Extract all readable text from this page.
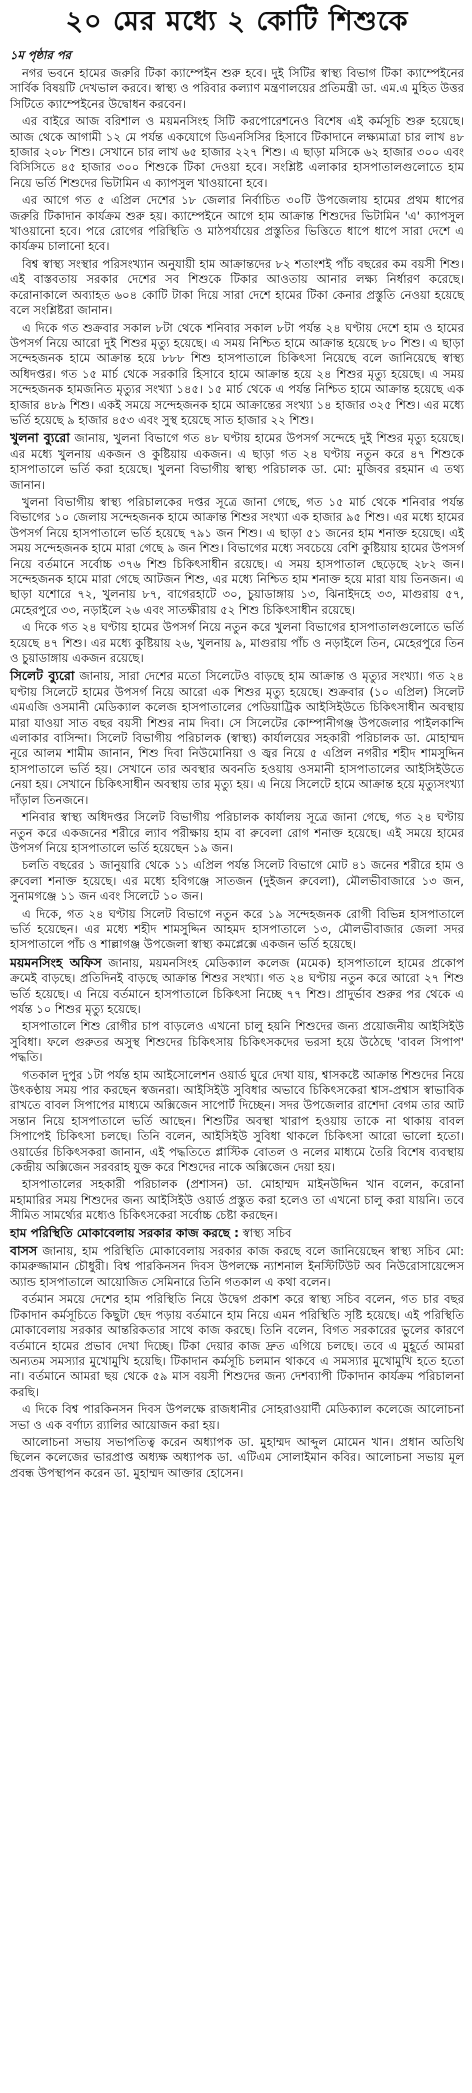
২০ মের মধ্যে ২ কোটি শিশুকে
১ম পৃষ্ঠার পর

নগর ভবনে হামের জরুরি টিকা ক্যাম্পেইন শুরু হবে। দুই সিটির স্বাস্থ্য বিভাগ টিকা ক্যাম্পেইনের সার্বিক বিষয়টি দেখভাল করবে। স্বাস্থ্য ও পরিবার কল্যাণ মন্ত্রণালয়ের প্রতিমন্ত্রী ডা. এম.এ মুহিত উত্তর সিটিতে ক্যাম্পেইনের উদ্বোধন করবেন।

এর বাইরে আজ বরিশাল ও ময়মনসিংহ সিটি করপোরেশনেও বিশেষ এই কর্মসূচি শুরু হয়েছে। আজ থেকে আগামী ১২ মে পর্যন্ত একযোগে ডিএনসিসির হিসাবে টিকাদানে লক্ষ্যমাত্রা চার লাখ ৪৮ হাজার ২০৮ শিশু। সেখানে চার লাখ ৬৫ হাজার ২২৭ শিশু। এ ছাড়া মসিকে ৬২ হাজার ৩০০ এবং বিসিসিতে ৪৫ হাজার ৩০০ শিশুকে টিকা দেওয়া হবে। সংশ্লিষ্ট এলাকার হাসপাতালগুলোতে হাম নিয়ে ভর্তি শিশুদের ভিটামিন এ ক্যাপসুল খাওয়ানো হবে।

এর আগে গত ৫ এপ্রিল দেশের ১৮ জেলার নির্বাচিত ৩০টি উপজেলায় হামের প্রথম ধাপের জরুরি টিকাদান কার্যক্রম শুরু হয়। ক্যাম্পেইনে আগে হাম আক্রান্ত শিশুদের ভিটামিন 'এ' ক্যাপসুল খাওয়ানো হবে। পরে রোগের পরিস্থিতি ও মাঠপর্যায়ের প্রস্তুতির ভিত্তিতে ধাপে ধাপে সারা দেশে এ কার্যক্রম চালানো হবে।

বিশ্ব স্বাস্থ্য সংস্থার পরিসংখ্যান অনুযায়ী হাম আক্রান্তদের ৮২ শতাংশই পাঁচ বছরের কম বয়সী শিশু। এই বাস্তবতায় সরকার দেশের সব শিশুকে টিকার আওতায় আনার লক্ষ্য নির্ধারণ করেছে। করোনাকালে অব্যাহত ৬০৪ কোটি টাকা দিয়ে সারা দেশে হামের টিকা কেনার প্রস্তুতি নেওয়া হয়েছে বলে সংশ্লিষ্টরা জানান।

এ দিকে গত শুক্রবার সকাল ৮টা থেকে শনিবার সকাল ৮টা পর্যন্ত ২৪ ঘণ্টায় দেশে হাম ও হামের উপসর্গ নিয়ে আরো দুই শিশুর মৃত্যু হয়েছে। এ সময় নিশ্চিত হামে আক্রান্ত হয়েছে ৮০ শিশু। এ ছাড়া সন্দেহজনক হামে আক্রান্ত হয়ে ৮৮৮ শিশু হাসপাতালে চিকিৎসা নিয়েছে বলে জানিয়েছে স্বাস্থ্য অধিদপ্তর। গত ১৫ মার্চ থেকে সরকারি হিসাবে হামে আক্রান্ত হয়ে ২৪ শিশুর মৃত্যু হয়েছে। এ সময় সন্দেহজনক হামজনিত মৃত্যুর সংখ্যা ১৪৫। ১৫ মার্চ থেকে এ পর্যন্ত নিশ্চিত হামে আক্রান্ত হয়েছে এক হাজার ৪৮৯ শিশু। একই সময়ে সন্দেহজনক হামে আক্রান্তের সংখ্যা ১৪ হাজার ৩২৫ শিশু। এর মধ্যে ভর্তি হয়েছে ৯ হাজার ৪৫৩ এবং সুস্থ হয়েছে সাত হাজার ২২ শিশু।

খুলনা ব্যুরো জানায়, খুলনা বিভাগে গত ৪৮ ঘণ্টায় হামের উপসর্গ সন্দেহে দুই শিশুর মৃত্যু হয়েছে। এর মধ্যে খুলনায় একজন ও কুষ্টিয়ায় একজন। এ ছাড়া গত ২৪ ঘণ্টায় নতুন করে ৪৭ শিশুকে হাসপাতালে ভর্তি করা হয়েছে। খুলনা বিভাগীয় স্বাস্থ্য পরিচালক ডা. মো: মুজিবর রহমান এ তথ্য জানান।

খুলনা বিভাগীয় স্বাস্থ্য পরিচালকের দপ্তর সূত্রে জানা গেছে, গত ১৫ মার্চ থেকে শনিবার পর্যন্ত বিভাগের ১০ জেলায় সন্দেহজনক হামে আক্রান্ত শিশুর সংখ্যা এক হাজার ৯৫ শিশু। এর মধ্যে হামের উপসর্গ নিয়ে হাসপাতালে ভর্তি হয়েছে ৭৯১ জন শিশু। এ ছাড়া ৫১ জনের হাম শনাক্ত হয়েছে। এই সময় সন্দেহজনক হামে মারা গেছে ৯ জন শিশু। বিভাগের মধ্যে সবচেয়ে বেশি কুষ্টিয়ায় হামের উপসর্গ নিয়ে বর্তমানে সর্বোচ্চ ৩৭৬ শিশু চিকিৎসাধীন রয়েছে। এ সময় হাসপাতাল ছেড়েছে ২৮২ জন। সন্দেহজনক হামে মারা গেছে আটজন শিশু, এর মধ্যে নিশ্চিত হাম শনাক্ত হয়ে মারা যায় তিনজন। এ ছাড়া যশোরে ৭২, খুলনায় ৮৭, বাগেরহাটে ৩০, চুয়াডাঙ্গায় ১৩, ঝিনাইদহে ৩৩, মাগুরায় ৫৭, মেহেরপুরে ৩৩, নড়াইলে ২৬ এবং সাতক্ষীরায় ৫২ শিশু চিকিৎসাধীন রয়েছে।

এ দিকে গত ২৪ ঘণ্টায় হামের উপসর্গ নিয়ে নতুন করে খুলনা বিভাগের হাসপাতালগুলোতে ভর্তি হয়েছে ৪৭ শিশু। এর মধ্যে কুষ্টিয়ায় ২৬, খুলনায় ৯, মাগুরায় পাঁচ ও নড়াইলে তিন, মেহেরপুরে তিন ও চুয়াডাঙ্গায় একজন রয়েছে।

সিলেট ব্যুরো জানায়, সারা দেশের মতো সিলেটেও বাড়ছে হাম আক্রান্ত ও মৃত্যুর সংখ্যা। গত ২৪ ঘণ্টায় সিলেটে হামের উপসর্গ নিয়ে আরো এক শিশুর মৃত্যু হয়েছে। শুক্রবার (১০ এপ্রিল) সিলেট এমএজি ওসমানী মেডিক্যাল কলেজ হাসপাতালের পেডিয়াট্রিক আইসিইউতে চিকিৎসাধীন অবস্থায় মারা যাওয়া সাত বছর বয়সী শিশুর নাম দিবা। সে সিলেটের কোম্পানীগঞ্জ উপজেলার পাইলকান্দি এলাকার বাসিন্দা। সিলেট বিভাগীয় পরিচালক (স্বাস্থ্য) কার্যালয়ের সহকারী পরিচালক ডা. মোহাম্মদ নূরে আলম শামীম জানান, শিশু দিবা নিউমোনিয়া ও জ্বর নিয়ে ৫ এপ্রিল নগরীর শহীদ শামসুদ্দিন হাসপাতালে ভর্তি হয়। সেখানে তার অবস্থার অবনতি হওয়ায় ওসমানী হাসপাতালের আইসিইউতে নেয়া হয়। সেখানে চিকিৎসাধীন অবস্থায় তার মৃত্যু হয়। এ নিয়ে সিলেটে হামে আক্রান্ত হয়ে মৃত্যুসংখ্যা দাঁড়াল তিনজনে।

শনিবার স্বাস্থ্য অধিদপ্তর সিলেট বিভাগীয় পরিচালক কার্যালয় সূত্রে জানা গেছে, গত ২৪ ঘণ্টায় নতুন করে একজনের শরীরে ল্যাব পরীক্ষায় হাম বা রুবেলা রোগ শনাক্ত হয়েছে। এই সময়ে হামের উপসর্গ নিয়ে হাসপাতালে ভর্তি হয়েছেন ১৯ জন।

চলতি বছরের ১ জানুয়ারি থেকে ১১ এপ্রিল পর্যন্ত সিলেট বিভাগে মোট ৪১ জনের শরীরে হাম ও রুবেলা শনাক্ত হয়েছে। এর মধ্যে হবিগঞ্জে সাতজন (দুইজন রুবেলা), মৌলভীবাজারে ১৩ জন, সুনামগঞ্জে ১১ জন এবং সিলেটে ১০ জন।

এ দিকে, গত ২৪ ঘণ্টায় সিলেট বিভাগে নতুন করে ১৯ সন্দেহজনক রোগী বিভিন্ন হাসপাতালে ভর্তি হয়েছেন। এর মধ্যে শহীদ শামসুদ্দিন আহমদ হাসপাতালে ১৩, মৌলভীবাজার জেলা সদর হাসপাতালে পাঁচ ও শাল্লাগঞ্জ উপজেলা স্বাস্থ্য কমপ্লেক্সে একজন ভর্তি হয়েছে।

ময়মনসিংহ অফিস জানায়, ময়মনসিংহ মেডিক্যাল কলেজ (মমেক) হাসপাতালে হামের প্রকোপ ক্রমেই বাড়ছে। প্রতিদিনই বাড়ছে আক্রান্ত শিশুর সংখ্যা। গত ২৪ ঘণ্টায় নতুন করে আরো ২৭ শিশু ভর্তি হয়েছে। এ নিয়ে বর্তমানে হাসপাতালে চিকিৎসা নিচ্ছে ৭৭ শিশু। প্রাদুর্ভাব শুরুর পর থেকে এ পর্যন্ত ১০ শিশুর মৃত্যু হয়েছে।

হাসপাতালে শিশু রোগীর চাপ বাড়লেও এখনো চালু হয়নি শিশুদের জন্য প্রয়োজনীয় আইসিইউ সুবিধা। ফলে গুরুতর অসুস্থ শিশুদের চিকিৎসায় চিকিৎসকদের ভরসা হয়ে উঠেছে 'বাবল সিপাপ' পদ্ধতি।

গতকাল দুপুর ১টা পর্যন্ত হাম আইসোলেশন ওয়ার্ড ঘুরে দেখা যায়, শ্বাসকষ্টে আক্রান্ত শিশুদের নিয়ে উৎকণ্ঠায় সময় পার করছেন স্বজনরা। আইসিইউ সুবিধার অভাবে চিকিৎসকেরা শ্বাস-প্রশ্বাস স্বাভাবিক রাখতে বাবল সিপাপের মাধ্যমে অক্সিজেন সাপোর্ট দিচ্ছেন। সদর উপজেলার রাশেদা বেগম তার আট সন্তান নিয়ে হাসপাতালে ভর্তি আছেন। শিশুটির অবস্থা খারাপ হওয়ায় তাকে না থাকায় বাবল সিপাপেই চিকিৎসা চলছে। তিনি বলেন, আইসিইউ সুবিধা থাকলে চিকিৎসা আরো ভালো হতো। ওয়ার্ডের চিকিৎসকরা জানান, এই পদ্ধতিতে প্লাস্টিক বোতল ও নলের মাধ্যমে তৈরি বিশেষ ব্যবস্থায় কেন্দ্রীয় অক্সিজেন সরবরাহ যুক্ত করে শিশুদের নাকে অক্সিজেন দেয়া হয়।

হাসপাতালের সহকারী পরিচালক (প্রশাসন) ডা. মোহাম্মদ মাইনউদ্দিন খান বলেন, করোনা মহামারির সময় শিশুদের জন্য আইসিইউ ওয়ার্ড প্রস্তুত করা হলেও তা এখনো চালু করা যায়নি। তবে সীমিত সামর্থ্যের মধ্যেও চিকিৎসকেরা সর্বোচ্চ চেষ্টা করছেন।

হাম পরিস্থিতি মোকাবেলায় সরকার কাজ করছে : স্বাস্থ্য সচিব

বাসস জানায়, হাম পরিস্থিতি মোকাবেলায় সরকার কাজ করছে বলে জানিয়েছেন স্বাস্থ্য সচিব মো: কামরুজ্জামান চৌধুরী। বিশ্ব পারকিনসন দিবস উপলক্ষে ন্যাশনাল ইনস্টিটিউট অব নিউরোসায়েন্সেস অ্যান্ড হাসপাতালে আয়োজিত সেমিনারে তিনি গতকাল এ কথা বলেন।

বর্তমান সময়ে দেশের হাম পরিস্থিতি নিয়ে উদ্বেগ প্রকাশ করে স্বাস্থ্য সচিব বলেন, গত চার বছর টিকাদান কর্মসূচিতে কিছুটা ছেদ পড়ায় বর্তমানে হাম নিয়ে এমন পরিস্থিতি সৃষ্টি হয়েছে। এই পরিস্থিতি মোকাবেলায় সরকার আন্তরিকতার সাথে কাজ করছে। তিনি বলেন, বিগত সরকারের ভুলের কারণে বর্তমানে হামের প্রভাব দেখা দিচ্ছে। টিকা দেয়ার কাজ দ্রুত এগিয়ে চলছে। তবে এ মুহূর্তে আমরা অন্যতম সমস্যার মুখোমুখি হয়েছি। টিকাদান কর্মসূচি চলমান থাকবে এ সমস্যার মুখোমুখি হতে হতো না। বর্তমানে আমরা ছয় থেকে ৫৯ মাস বয়সী শিশুদের জন্য দেশব্যাপী টিকাদান কার্যক্রম পরিচালনা করছি।

এ দিকে বিশ্ব পারকিনসন দিবস উপলক্ষে রাজধানীর সোহরাওয়ার্দী মেডিক্যাল কলেজে আলোচনা সভা ও এক বর্ণাঢ্য র‌্যালির আয়োজন করা হয়।

আলোচনা সভায় সভাপতিত্ব করেন অধ্যাপক ডা. মুহাম্মদ আব্দুল মোমেন খান। প্রধান অতিথি ছিলেন কলেজের ভারপ্রাপ্ত অধ্যক্ষ অধ্যাপক ডা. এটিএম সোলাইমান কবির। আলোচনা সভায় মূল প্রবন্ধ উপস্থাপন করেন ডা. মুহাম্মদ আক্তার হোসেন।
